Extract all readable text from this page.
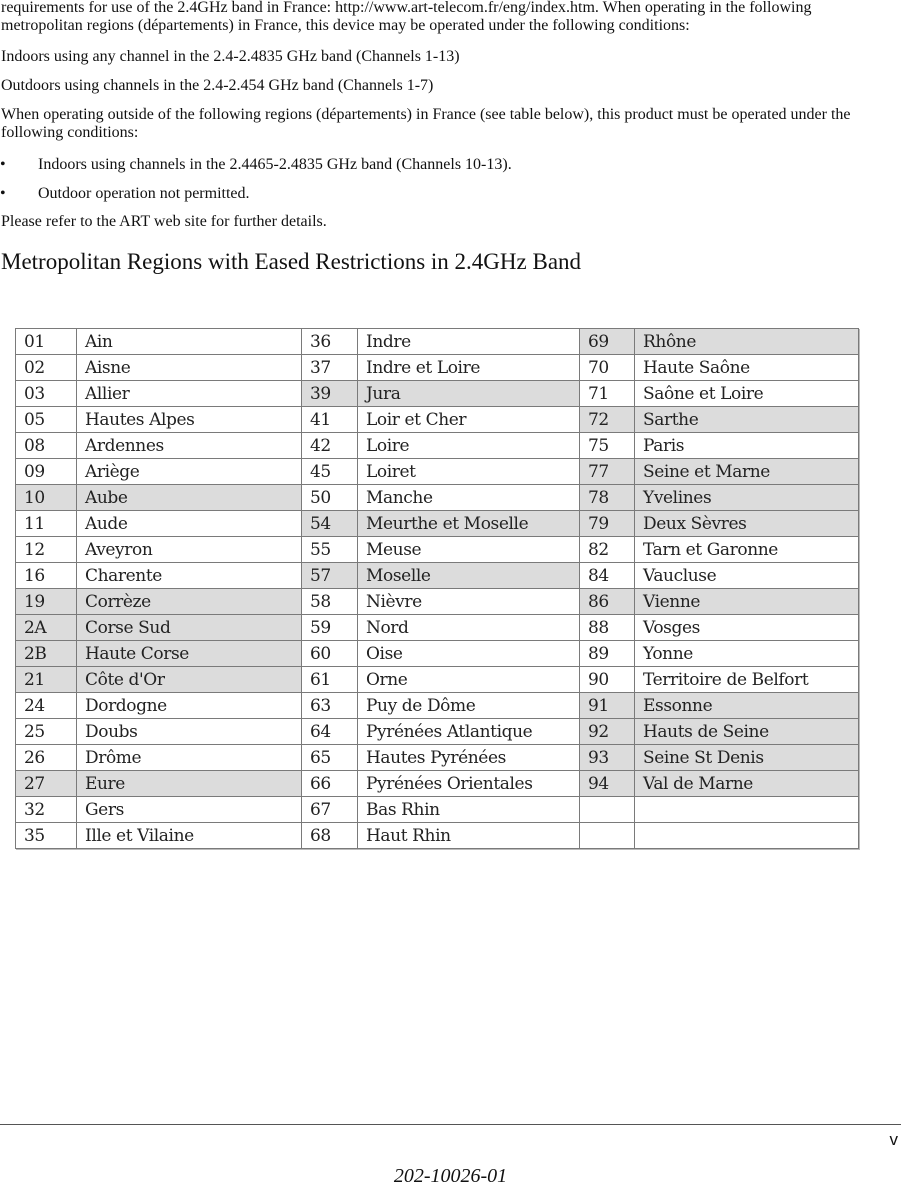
requirements for use of the 2.4GHz band in France: http://www.art-telecom.fr/eng/index.htm. When operating in the following metropolitan regions (départements) in France, this device may be operated under the following conditions:

Indoors using any channel in the 2.4-2.4835 GHz band (Channels 1-13)

Outdoors using channels in the 2.4-2.454 GHz band (Channels 1-7)

When operating outside of the following regions (départements) in France (see table below), this product must be operated under the following conditions:

• Indoors using channels in the 2.4465-2.4835 GHz band (Channels 10-13).
• Outdoor operation not permitted.

Please refer to the ART web site for further details.

Metropolitan Regions with Eased Restrictions in 2.4GHz Band
01	Ain	36	Indre	69	Rhône
02	Aisne	37	Indre et Loire	70	Haute Saône
03	Allier	39	Jura	71	Saône et Loire
05	Hautes Alpes	41	Loir et Cher	72	Sarthe
08	Ardennes	42	Loire	75	Paris
09	Ariège	45	Loiret	77	Seine et Marne
10	Aube	50	Manche	78	Yvelines
11	Aude	54	Meurthe et Moselle	79	Deux Sèvres
12	Aveyron	55	Meuse	82	Tarn et Garonne
16	Charente	57	Moselle	84	Vaucluse
19	Corrèze	58	Nièvre	86	Vienne
2A	Corse Sud	59	Nord	88	Vosges
2B	Haute Corse	60	Oise	89	Yonne
21	Côte d'Or	61	Orne	90	Territoire de Belfort
24	Dordogne	63	Puy de Dôme	91	Essonne
25	Doubs	64	Pyrénées Atlantique	92	Hauts de Seine
26	Drôme	65	Hautes Pyrénées	93	Seine St Denis
27	Eure	66	Pyrénées Orientales	94	Val de Marne
32	Gers	67	Bas Rhin		
35	Ille et Vilaine	68	Haut Rhin		
v
202-10026-01
